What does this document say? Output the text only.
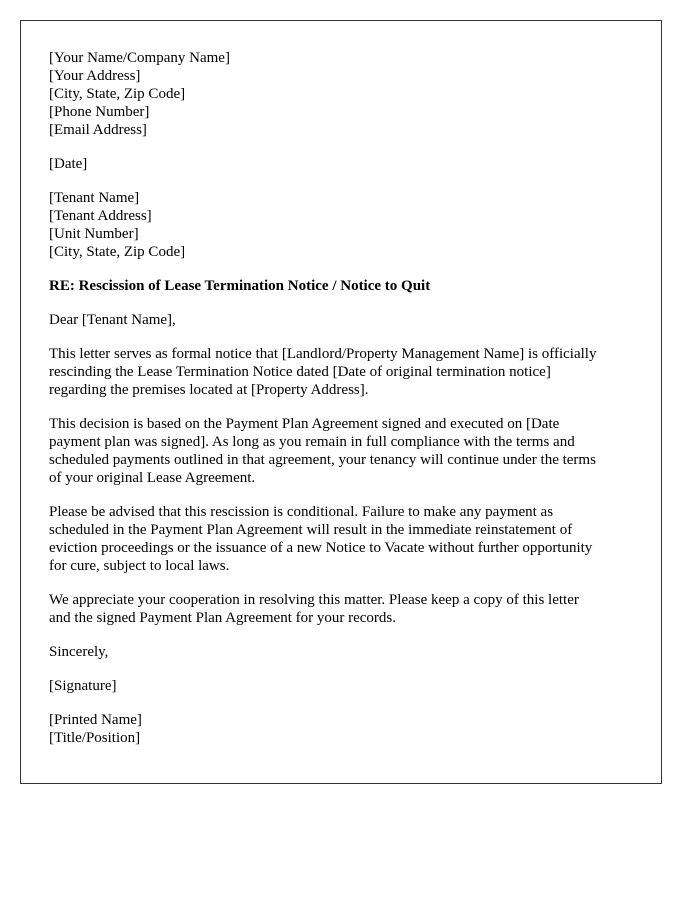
[Your Name/Company Name]
[Your Address]
[City, State, Zip Code]
[Phone Number]
[Email Address]
[Date]
[Tenant Name]
[Tenant Address]
[Unit Number]
[City, State, Zip Code]
RE: Rescission of Lease Termination Notice / Notice to Quit
Dear [Tenant Name],
This letter serves as formal notice that [Landlord/Property Management Name] is officially
rescinding the Lease Termination Notice dated [Date of original termination notice]
regarding the premises located at [Property Address].
This decision is based on the Payment Plan Agreement signed and executed on [Date
payment plan was signed]. As long as you remain in full compliance with the terms and
scheduled payments outlined in that agreement, your tenancy will continue under the terms
of your original Lease Agreement.
Please be advised that this rescission is conditional. Failure to make any payment as
scheduled in the Payment Plan Agreement will result in the immediate reinstatement of
eviction proceedings or the issuance of a new Notice to Vacate without further opportunity
for cure, subject to local laws.
We appreciate your cooperation in resolving this matter. Please keep a copy of this letter
and the signed Payment Plan Agreement for your records.
Sincerely,
[Signature]
[Printed Name]
[Title/Position]
